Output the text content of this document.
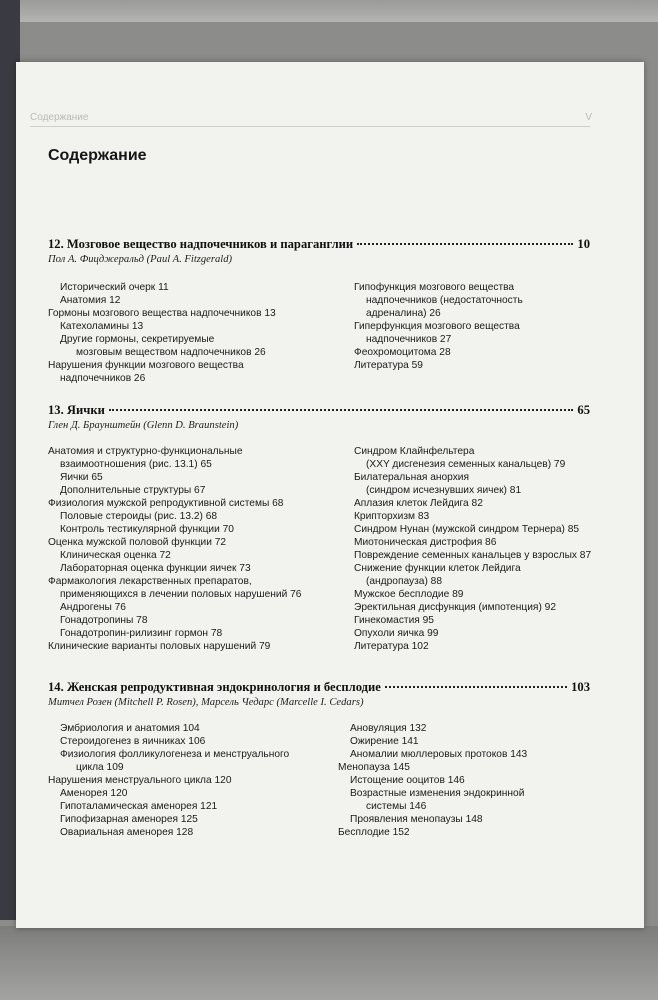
Содержание	V
Содержание
12. Мозговое вещество надпочечников и параганглии	10
Пол А. Фицджеральд (Paul A. Fitzgerald)
Исторический очерк 11
Анатомия 12
Гормоны мозгового вещества надпочечников 13
Катехоламины 13
Другие гормоны, секретируемые
мозговым веществом надпочечников 26
Нарушения функции мозгового вещества
надпочечников 26
Гипофункция мозгового вещества
надпочечников (недостаточность
адреналина) 26
Гиперфункция мозгового вещества
надпочечников 27
Феохромоцитома 28
Литература 59
13. Яички	65
Глен Д. Браунштейн (Glenn D. Braunstein)
Анатомия и структурно-функциональные
взаимоотношения (рис. 13.1) 65
Яички 65
Дополнительные структуры 67
Физиология мужской репродуктивной системы 68
Половые стероиды (рис. 13.2) 68
Контроль тестикулярной функции 70
Оценка мужской половой функции 72
Клиническая оценка 72
Лабораторная оценка функции яичек 73
Фармакология лекарственных препаратов,
применяющихся в лечении половых нарушений 76
Андрогены 76
Гонадотропины 78
Гонадотропин-рилизинг гормон 78
Клинические варианты половых нарушений 79
Синдром Клайнфельтера
(XXY дисгенезия семенных канальцев) 79
Билатеральная анорхия
(синдром исчезнувших яичек) 81
Аплазия клеток Лейдига 82
Крипторхизм 83
Синдром Нунан (мужской синдром Тернера) 85
Миотоническая дистрофия 86
Повреждение семенных канальцев у взрослых 87
Снижение функции клеток Лейдига
(андропауза) 88
Мужское бесплодие 89
Эректильная дисфункция (импотенция) 92
Гинекомастия 95
Опухоли яичка 99
Литература 102
14. Женская репродуктивная эндокринология и бесплодие	103
Митчел Розен (Mitchell P. Rosen), Марсель Чедарс (Marcelle I. Cedars)
Эмбриология и анатомия 104
Стероидогенез в яичниках 106
Физиология фолликулогенеза и менструального
цикла 109
Нарушения менструального цикла 120
Аменорея 120
Гипоталамическая аменорея 121
Гипофизарная аменорея 125
Овариальная аменорея 128
Ановуляция 132
Ожирение 141
Аномалии мюллеровых протоков 143
Менопауза 145
Истощение ооцитов 146
Возрастные изменения эндокринной
системы 146
Проявления менопаузы 148
Бесплодие 152
